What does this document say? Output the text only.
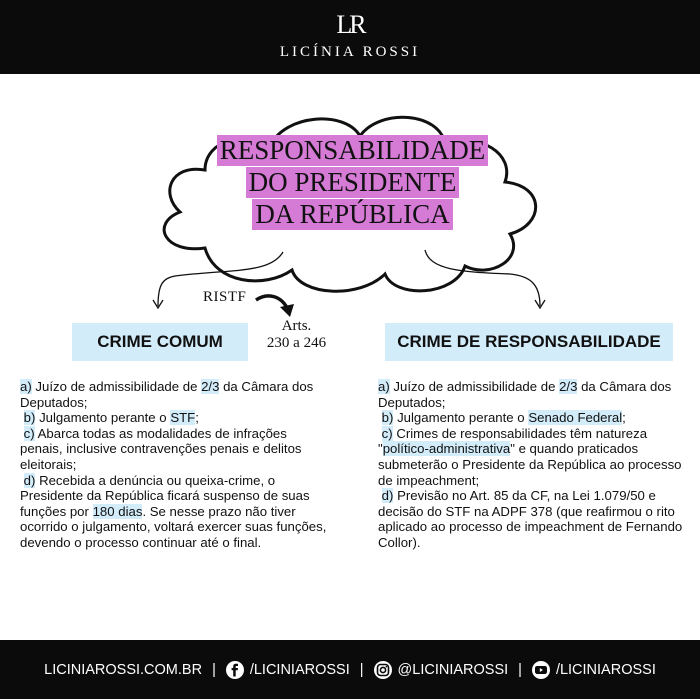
LR
LICÍNIA ROSSI
RESPONSABILIDADE
DO PRESIDENTE
DA REPÚBLICA
RISTF
Arts.
230 a 246
CRIME COMUM	CRIME DE RESPONSABILIDADE

a) Juízo de admissibilidade de 2/3 da Câmara dos Deputados;

b) Julgamento perante o STF;

c) Abarca todas as modalidades de infrações penais, inclusive contravenções penais e delitos eleitorais;

d) Recebida a denúncia ou queixa-crime, o Presidente da República ficará suspenso de suas funções por 180 dias. Se nesse prazo não tiver ocorrido o julgamento, voltará exercer suas funções, devendo o processo continuar até o final.

a) Juízo de admissibilidade de 2/3 da Câmara dos Deputados;

b) Julgamento perante o Senado Federal;

c) Crimes de responsabilidades têm natureza "político-administrativa" e quando praticados submeterão o Presidente da República ao processo de impeachment;

d) Previsão no Art. 85 da CF, na Lei 1.079/50 e decisão do STF na ADPF 378 (que reafirmou o rito aplicado ao processo de impeachment de Fernando Collor).

LICINIAROSSI.COM.BR | /LICINIAROSSI | @LICINIAROSSI | /LICINIAROSSI
